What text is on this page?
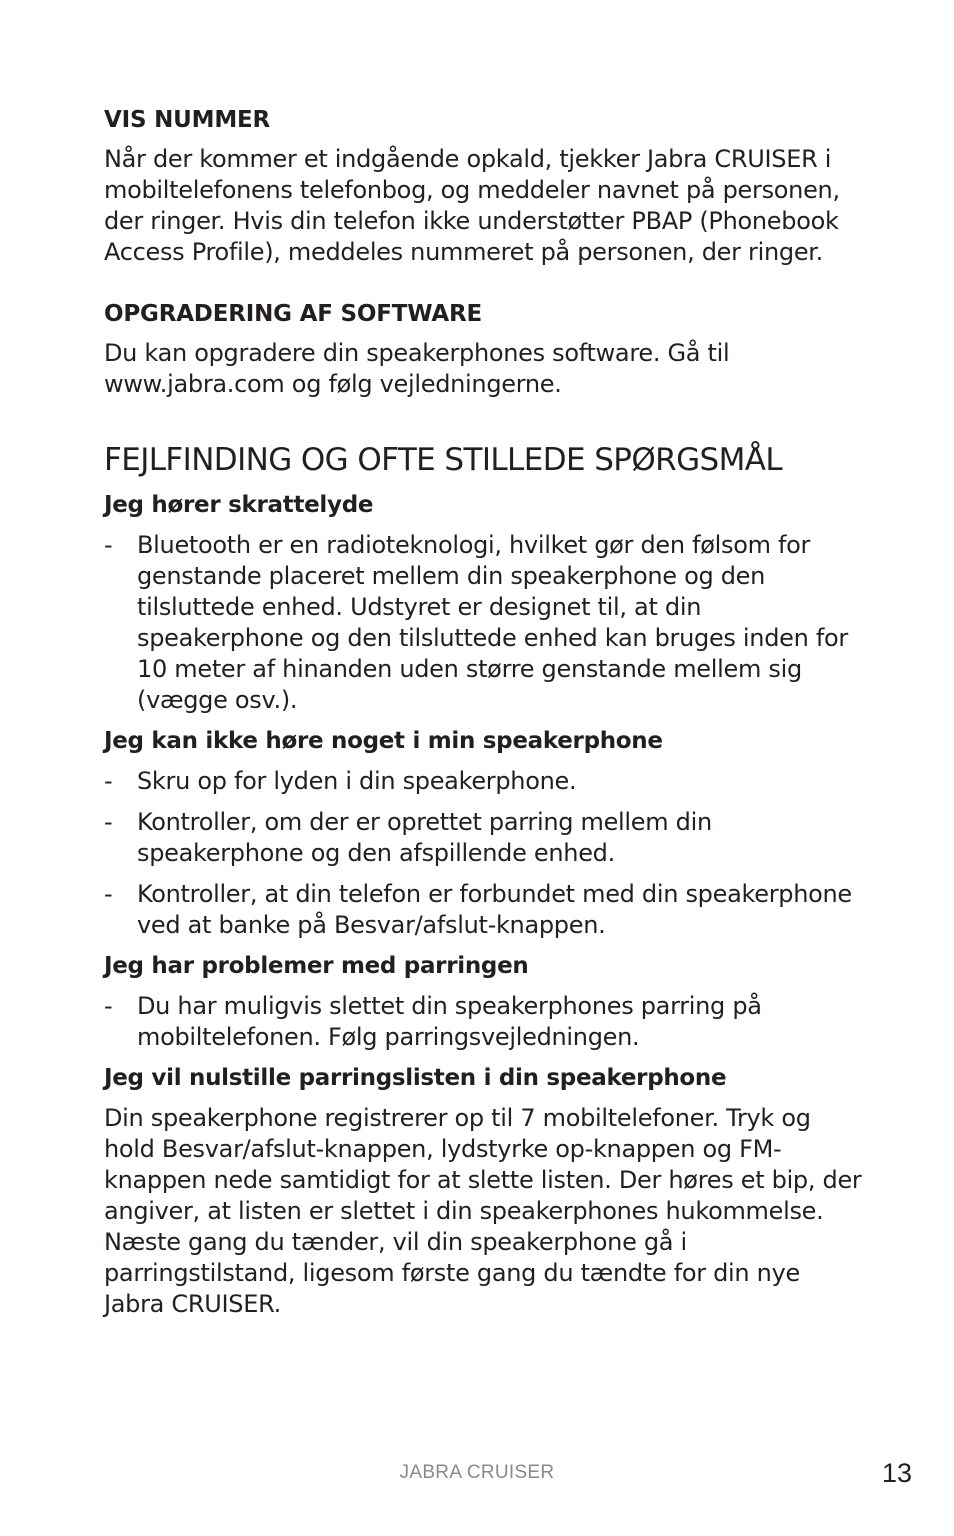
VIS NUMMER

Når der kommer et indgående opkald, tjekker Jabra CRUISER i mobiltelefonens telefonbog, og meddeler navnet på personen, der ringer. Hvis din telefon ikke understøtter PBAP (Phonebook Access Profile), meddeles nummeret på personen, der ringer.

OPGRADERING AF SOFTWARE

Du kan opgradere din speakerphones software. Gå til www.jabra.com og følg vejledningerne.

FEJLFINDING OG OFTE STILLEDE SPØRGSMÅL
Jeg hører skrattelyde
-	Bluetooth er en radioteknologi, hvilket gør den følsom for genstande placeret mellem din speakerphone og den tilsluttede enhed. Udstyret er designet til, at din speakerphone og den tilsluttede enhed kan bruges inden for 10 meter af hinanden uden større genstande mellem sig (vægge osv.).
Jeg kan ikke høre noget i min speakerphone
-	Skru op for lyden i din speakerphone.
-	Kontroller, om der er oprettet parring mellem din speakerphone og den afspillende enhed.
-	Kontroller, at din telefon er forbundet med din speakerphone ved at banke på Besvar/afslut-knappen.
Jeg har problemer med parringen
-	Du har muligvis slettet din speakerphones parring på mobiltelefonen. Følg parringsvejledningen.
Jeg vil nulstille parringslisten i din speakerphone

Din speakerphone registrerer op til 7 mobiltelefoner. Tryk og hold Besvar/afslut-knappen, lydstyrke op-knappen og FM-knappen nede samtidigt for at slette listen. Der høres et bip, der angiver, at listen er slettet i din speakerphones hukommelse. Næste gang du tænder, vil din speakerphone gå i parringstilstand, ligesom første gang du tændte for din nye Jabra CRUISER.

JABRA CRUISER	13
